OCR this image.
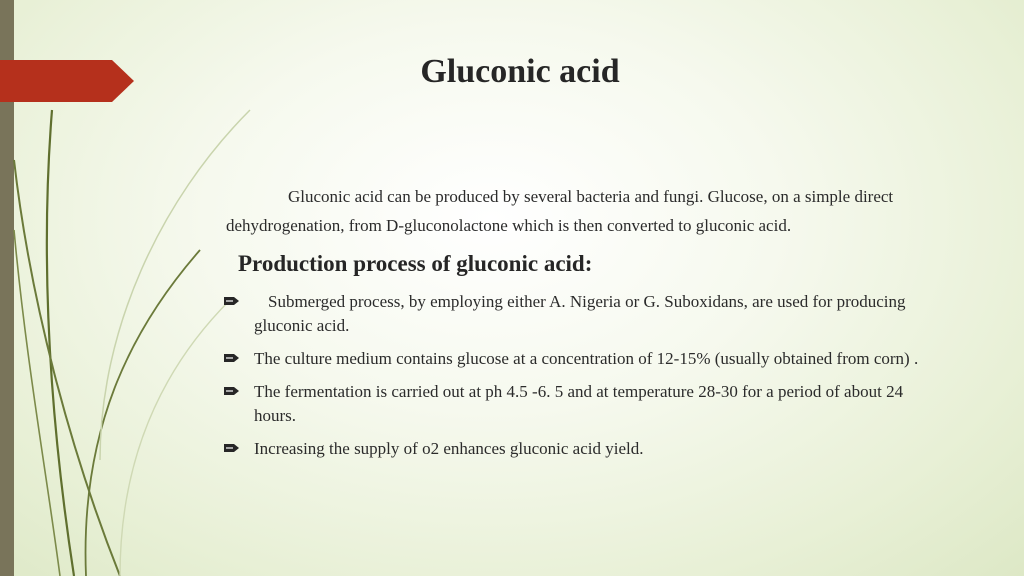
Gluconic acid
Gluconic acid can be produced by several bacteria and fungi. Glucose, on a simple direct dehydrogenation, from D-gluconolactone which is then converted to gluconic acid.
Production process of gluconic acid:
Submerged process, by employing either A. Nigeria or G. Suboxidans, are used for producing gluconic acid.
The culture medium contains glucose at a concentration of 12-15% (usually obtained from corn) .
The fermentation is carried out at ph 4.5 -6. 5 and at temperature 28-30 for a period of about 24 hours.
Increasing the supply of o2 enhances gluconic acid yield.
